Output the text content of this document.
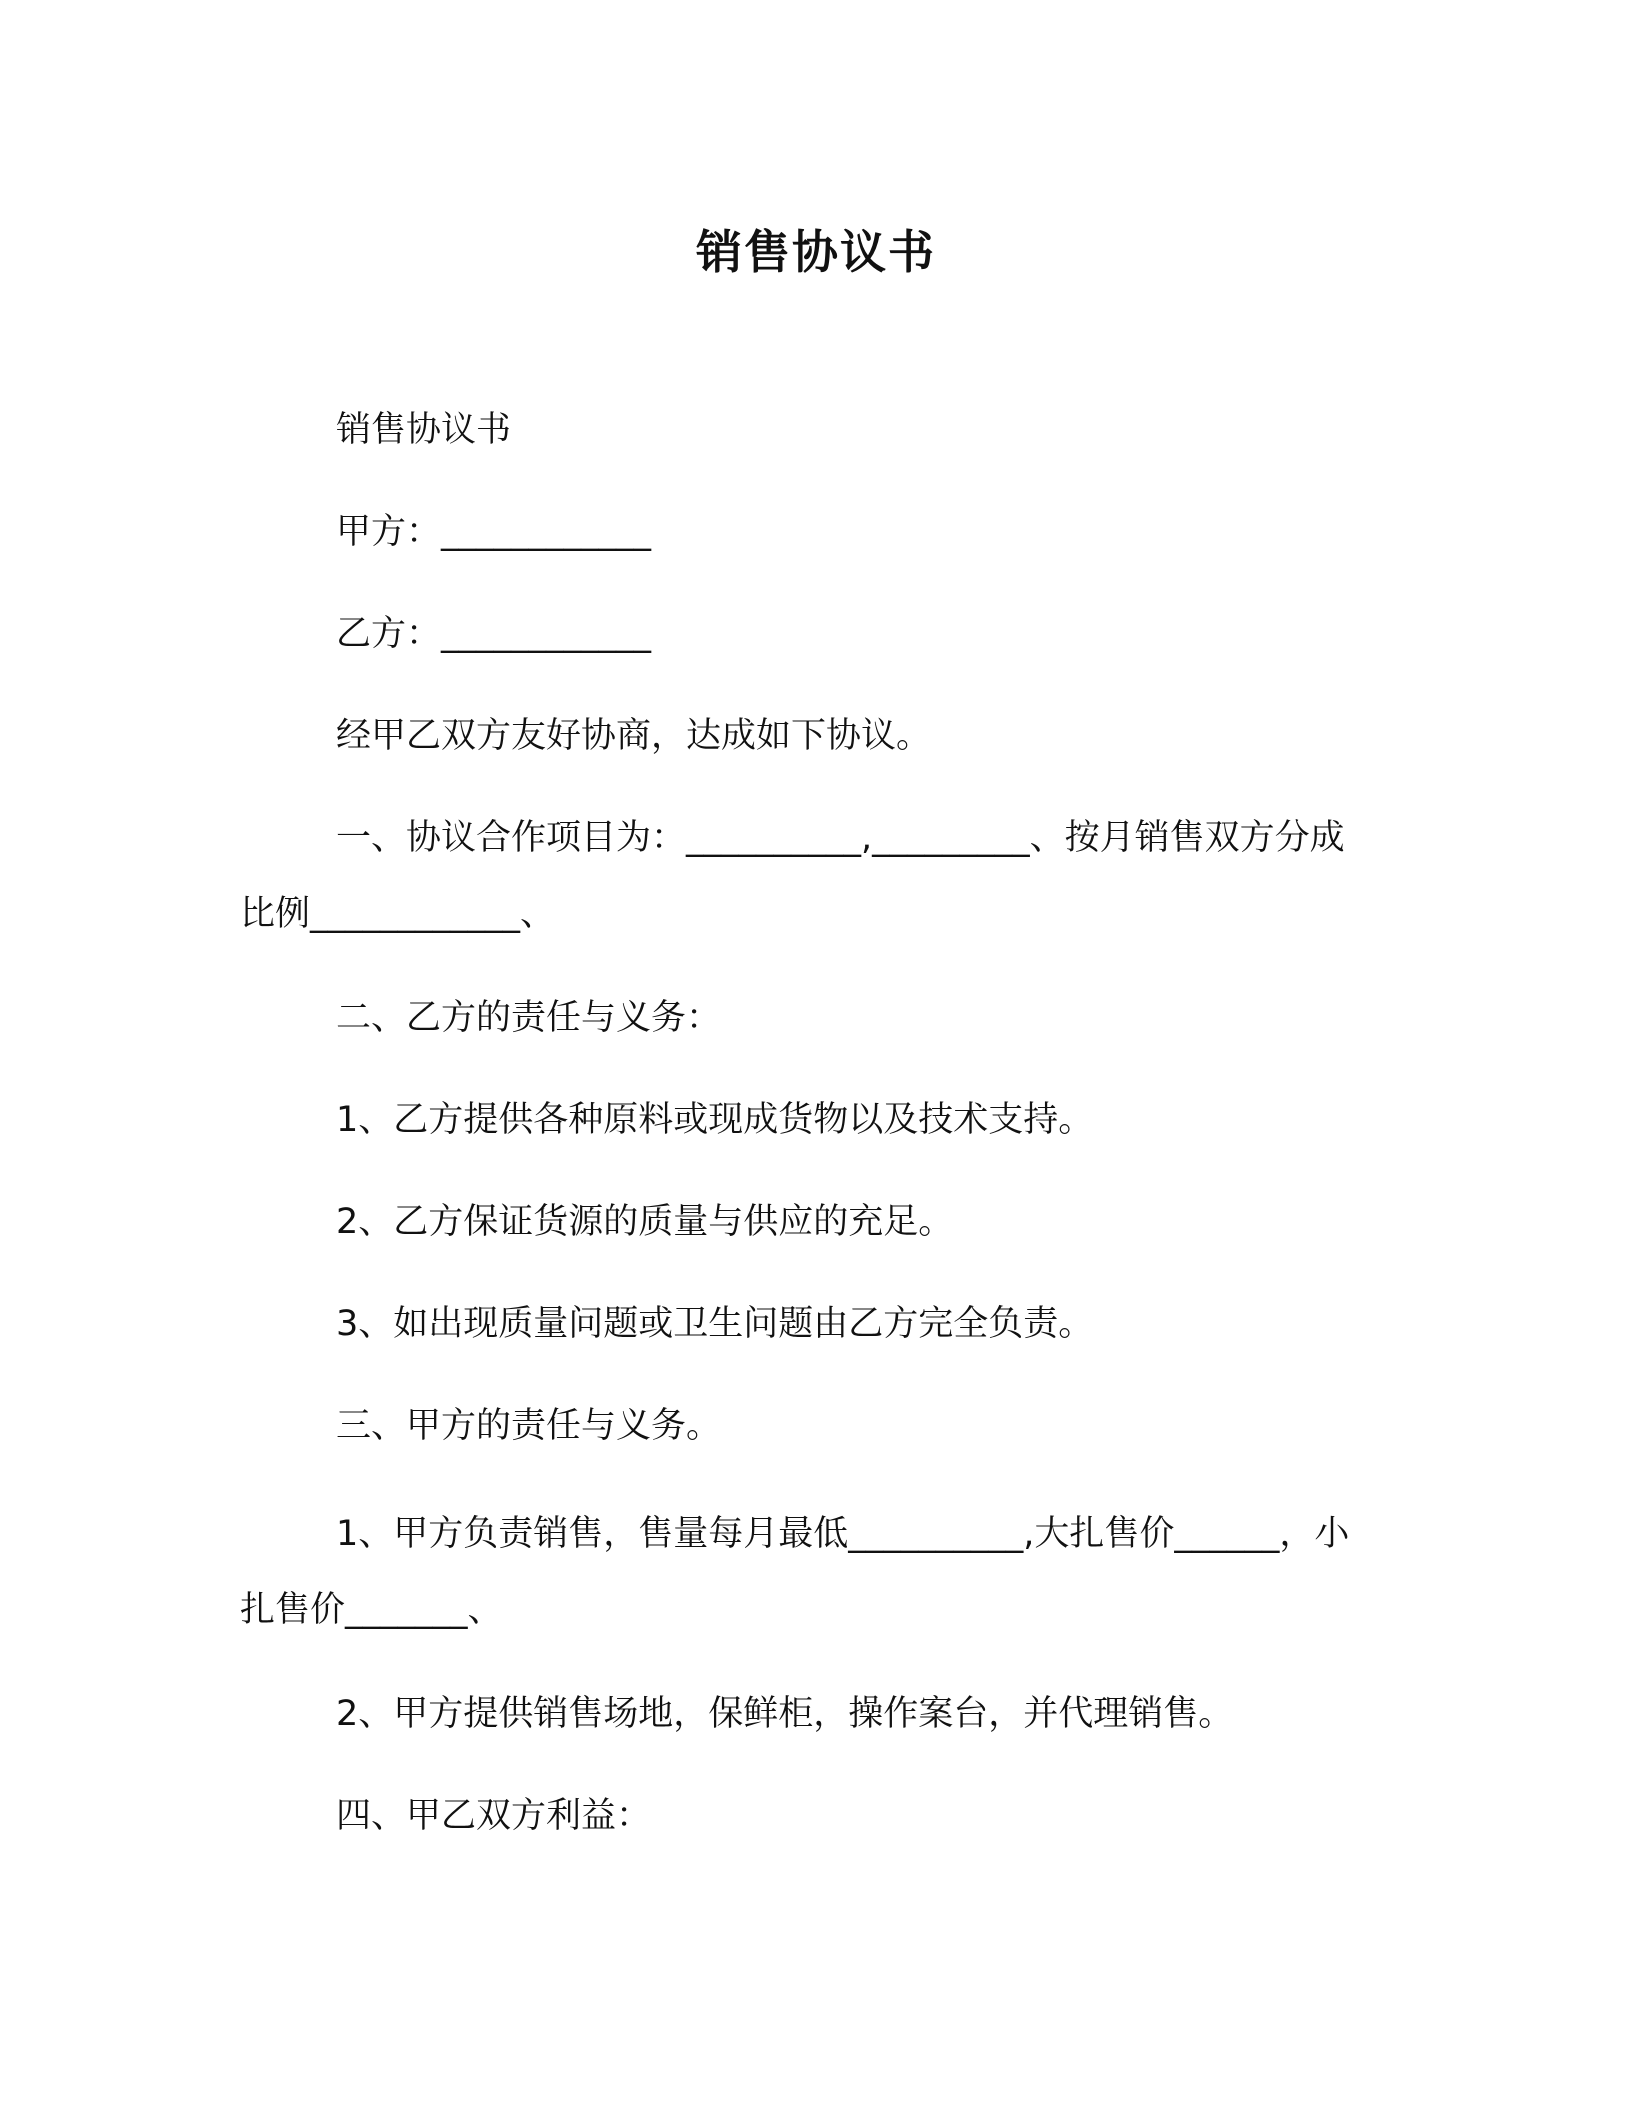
销售协议书
销售协议书
甲方：____________
乙方：____________
经甲乙双方友好协商，达成如下协议。
一、协议合作项目为：__________,_________、按月销售双方分成比例____________、
二、乙方的责任与义务：
1、乙方提供各种原料或现成货物以及技术支持。
2、乙方保证货源的质量与供应的充足。
3、如出现质量问题或卫生问题由乙方完全负责。
三、甲方的责任与义务。
1、甲方负责销售，售量每月最低__________,大扎售价______，小扎售价_______、
2、甲方提供销售场地，保鲜柜，操作案台，并代理销售。
四、甲乙双方利益：
